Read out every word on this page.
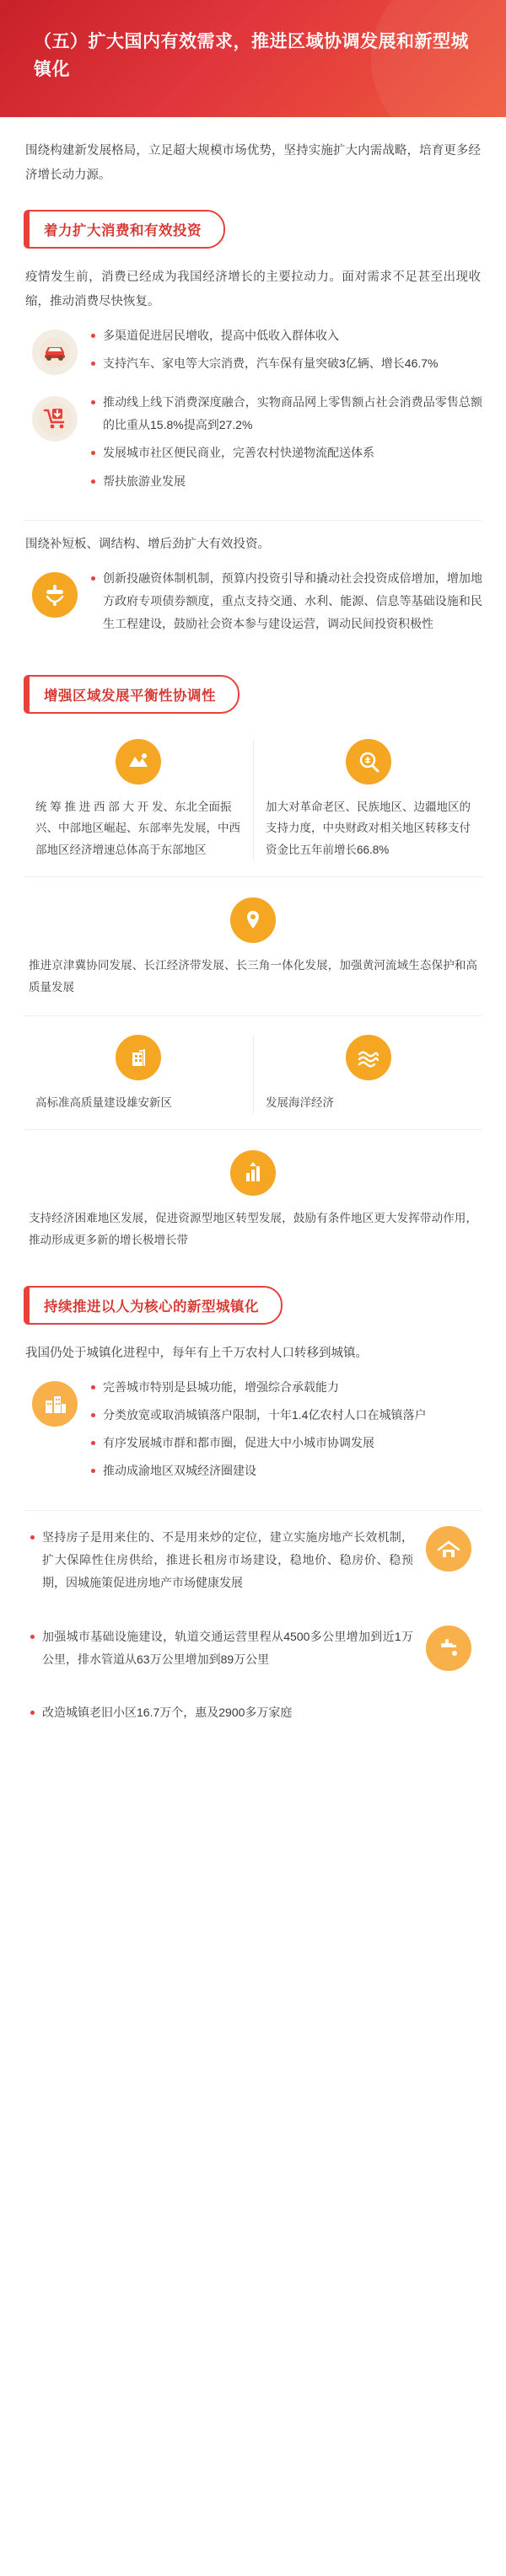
（五）扩大国内有效需求，推进区域协调发展和新型城镇化
围绕构建新发展格局，立足超大规模市场优势，坚持实施扩大内需战略，培育更多经济增长动力源。
着力扩大消费和有效投资
疫情发生前，消费已经成为我国经济增长的主要拉动力。面对需求不足甚至出现收缩，推动消费尽快恢复。
多渠道促进居民增收，提高中低收入群体收入
支持汽车、家电等大宗消费，汽车保有量突破3亿辆、增长46.7%
推动线上线下消费深度融合，实物商品网上零售额占社会消费品零售总额的比重从15.8%提高到27.2%
发展城市社区便民商业，完善农村快递物流配送体系
帮扶旅游业发展
围绕补短板、调结构、增后劲扩大有效投资。
创新投融资体制机制，预算内投资引导和撬动社会投资成倍增加，增加地方政府专项债券额度，重点支持交通、水利、能源、信息等基础设施和民生工程建设，鼓励社会资本参与建设运营，调动民间投资积极性
增强区域发展平衡性协调性
统 筹 推 进 西 部 大 开 发、东北全面振兴、中部地区崛起、东部率先发展，中西部地区经济增速总体高于东部地区
加大对革命老区、民族地区、边疆地区的支持力度，中央财政对相关地区转移支付资金比五年前增长66.8%
推进京津冀协同发展、长江经济带发展、长三角一体化发展，加强黄河流域生态保护和高质量发展
高标准高质量建设雄安新区	发展海洋经济
支持经济困难地区发展，促进资源型地区转型发展，鼓励有条件地区更大发挥带动作用，推动形成更多新的增长极增长带
持续推进以人为核心的新型城镇化
我国仍处于城镇化进程中，每年有上千万农村人口转移到城镇。
完善城市特别是县城功能，增强综合承载能力
分类放宽或取消城镇落户限制，十年1.4亿农村人口在城镇落户
有序发展城市群和都市圈，促进大中小城市协调发展
推动成渝地区双城经济圈建设
坚持房子是用来住的、不是用来炒的定位，建立实施房地产长效机制，扩大保障性住房供给，推进长租房市场建设，稳地价、稳房价、稳预期，因城施策促进房地产市场健康发展
加强城市基础设施建设，轨道交通运营里程从4500多公里增加到近1万公里，排水管道从63万公里增加到89万公里
改造城镇老旧小区16.7万个，惠及2900多万家庭
